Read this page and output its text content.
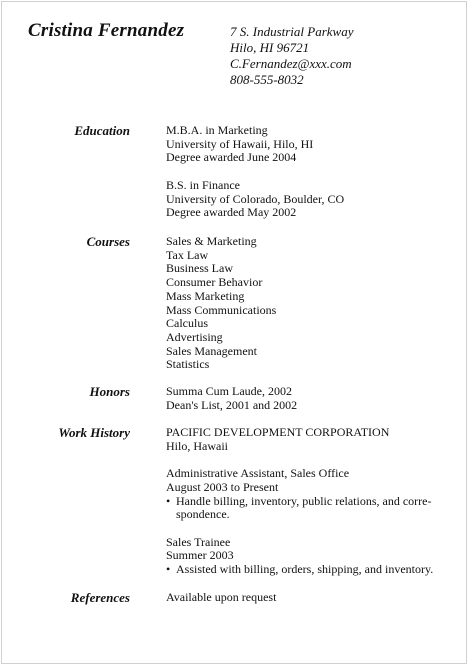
Cristina Fernandez	7 S. Industrial Parkway
Hilo, HI 96721
C.Fernandez@xxx.com
808-555-8032
Education	M.B.A. in Marketing
University of Hawaii, Hilo, HI
Degree awarded June 2004
B.S. in Finance
University of Colorado, Boulder, CO
Degree awarded May 2002
Courses	Sales & Marketing
Tax Law
Business Law
Consumer Behavior
Mass Marketing
Mass Communications
Calculus
Advertising
Sales Management
Statistics
Honors	Summa Cum Laude, 2002
Dean's List, 2001 and 2002
Work History	PACIFIC DEVELOPMENT CORPORATION
Hilo, Hawaii
Administrative Assistant, Sales Office
August 2003 to Present
• Handle billing, inventory, public relations, and corre-spondence.
Sales Trainee
Summer 2003
• Assisted with billing, orders, shipping, and inventory.
References	Available upon request
